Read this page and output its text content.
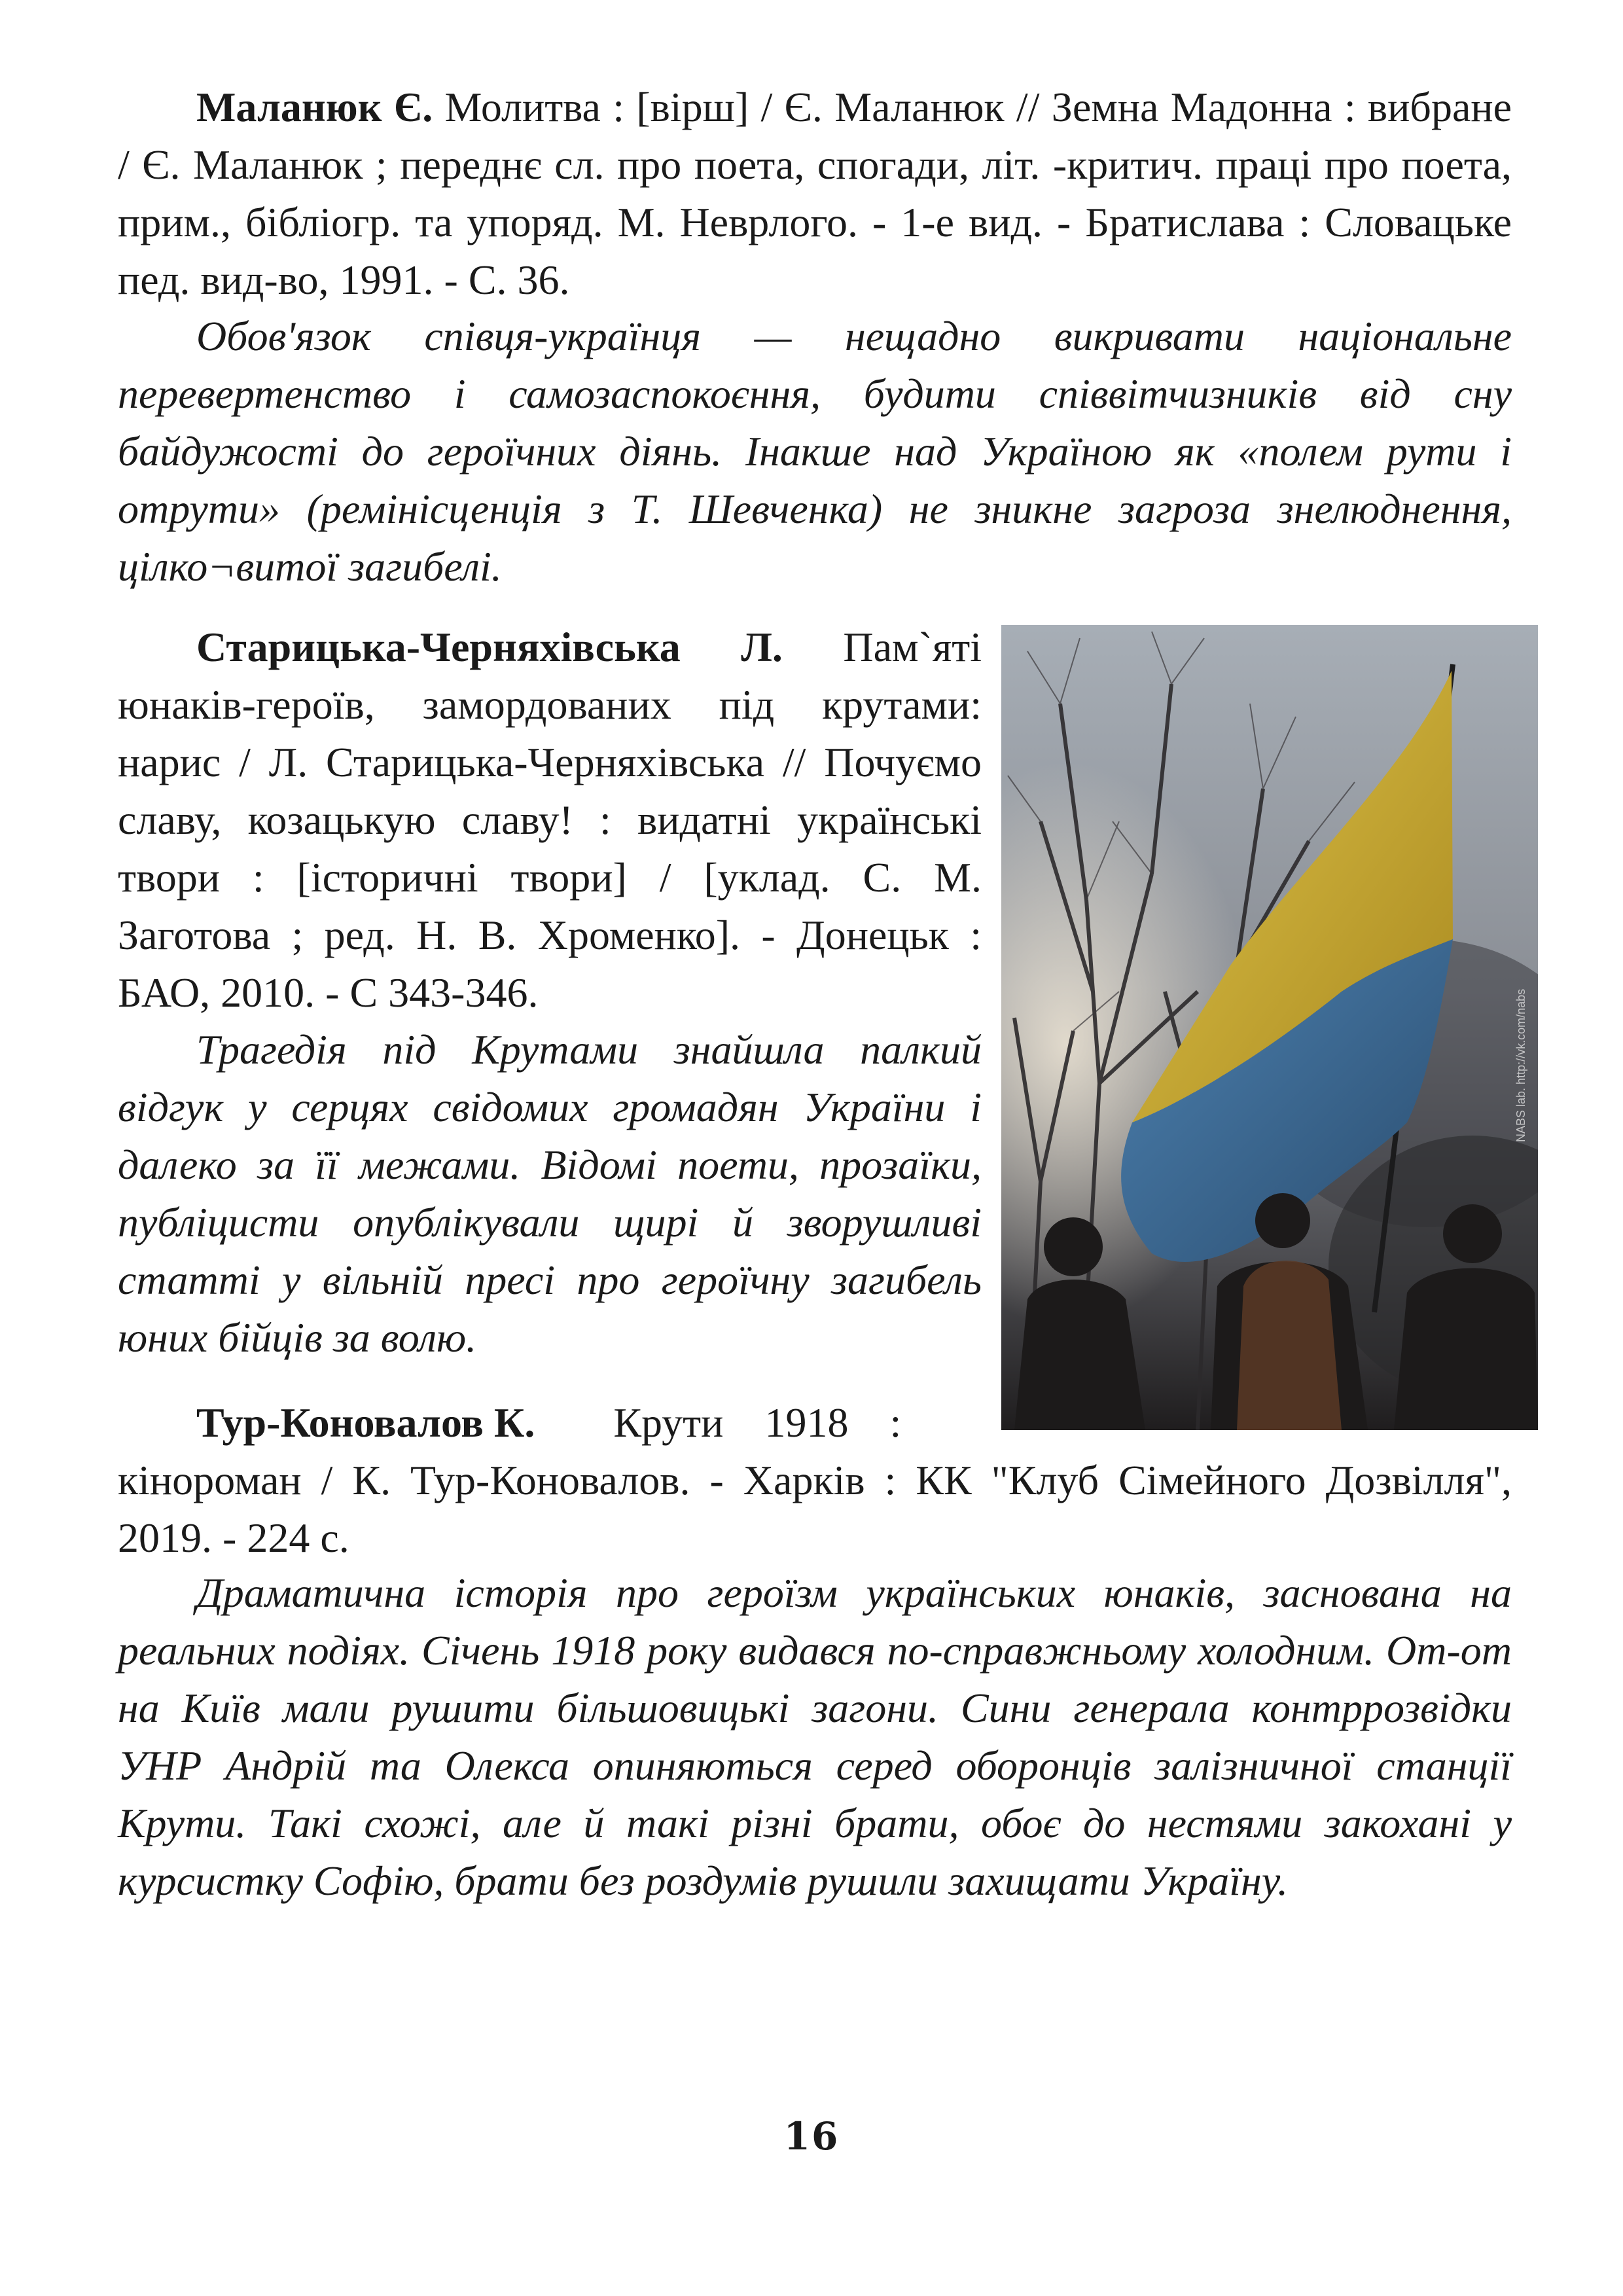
Маланюк Є. Молитва : [вірш] / Є. Маланюк // Земна Мадонна : вибране / Є. Маланюк ; переднє сл. про поета, спогади, літ. -критич. праці про поета, прим., бібліогр. та упоряд. М. Неврлого. - 1-е вид. - Братислава : Словацьке пед. вид-во, 1991. - С. 36.

Обов'язок співця-українця — нещадно викривати національне перевертенство і самозаспокоєння, будити співвітчизників від сну байдужості до героїчних діянь. Інакше над Україною як «полем рути і отрути» (ремінісценція з Т. Шевченка) не зникне загроза знелюднення, цілко¬витої загибелі.

Старицька-Черняхівська Л. Пам`яті юнаків-героїв, замордованих під крутами: нарис / Л. Старицька-Черняхівська // Почуємо славу, козацькую славу! : видатні українські твори : [історичні твори] / [уклад. С. М. Заготова ; ред. Н. В. Хроменко]. - Донецьк : БАО, 2010. - С 343-346.

Трагедія під Крутами знайшла палкий відгук у серцях свідомих громадян України і далеко за її межами. Відомі поети, прозаїки, публіцисти опублікували щирі й зворушливі статті у вільній пресі про героїчну загибель юних бійців за волю.

NABS lab. http://vk.com/nabs

Тур-Коновалов К.Крути 1918 :
кінороман / К. Тур-Коновалов. - Харків : КК "Клуб Сімейного Дозвілля", 2019. - 224 с.

Драматична історія про героїзм українських юнаків, заснована на реальних подіях. Січень 1918 року видався по-справжньому холодним. От-от на Київ мали рушити більшовицькі загони. Сини генерала контррозвідки УНР Андрій та Олекса опиняються серед оборонців залізничної станції Крути. Такі схожі, але й такі різні брати, обоє до нестями закохані у курсистку Софію, брати без роздумів рушили захищати Україну.

16
